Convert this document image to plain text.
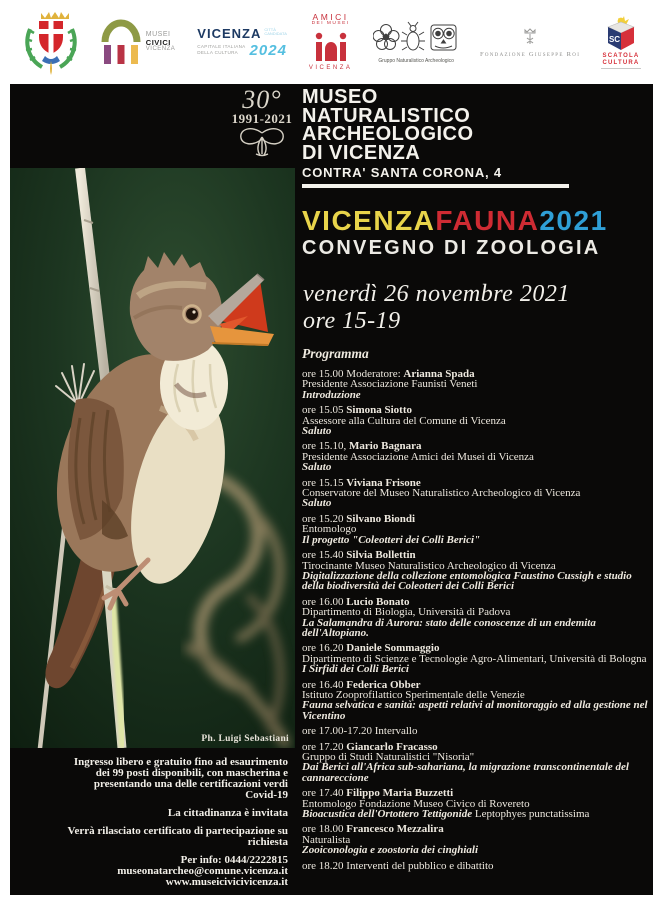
MUSEI
CIVICI
VICENZA
VICENZA CITTÀ
CANDIDATA
CAPITALE ITALIANA
DELLA CULTURA 2024
AMICI
DEI MUSEI
VICENZA
Gruppo Naturalistico Archeologico
Fondazione Giuseppe Roi
SC
SCATOLA
CULTURA
30°
1991-2021
MUSEO
NATURALISTICO
ARCHEOLOGICO
DI VICENZA
CONTRA' SANTA CORONA, 4
VICENZAFAUNA2021
CONVEGNO DI ZOOLOGIA
venerdì 26 novembre 2021
ore 15-19
Programma
ore 15.00 Moderatore: Arianna Spada
Presidente Associazione Faunisti Veneti
Introduzione
ore 15.05 Simona Siotto
Assessore alla Cultura del Comune di Vicenza
Saluto
ore 15.10, Mario Bagnara
Presidente Associazione Amici dei Musei di Vicenza
Saluto
ore 15.15 Viviana Frisone
Conservatore del Museo Naturalistico Archeologico di Vicenza
Saluto
ore 15.20 Silvano Biondi
Entomologo
Il progetto "Coleotteri dei Colli Berici"
ore 15.40 Silvia Bollettin
Tirocinante Museo Naturalistico Archeologico di Vicenza
Digitalizzazione della collezione entomologica Faustino Cussigh e studio della biodiversità dei Coleotteri dei Colli Berici
ore 16.00 Lucio Bonato
Dipartimento di Biologia, Università di Padova
La Salamandra di Aurora: stato delle conoscenze di un endemita dell'Altopiano.
ore 16.20 Daniele Sommaggio
Dipartimento di Scienze e Tecnologie Agro-Alimentari, Università di Bologna
I Sirfidi dei Colli Berici
ore 16.40 Federica Obber
Istituto Zooprofilattico Sperimentale delle Venezie
Fauna selvatica e sanità: aspetti relativi al monitoraggio ed alla gestione nel Vicentino
ore 17.00-17.20 Intervallo
ore 17.20 Giancarlo Fracasso
Gruppo di Studi Naturalistici "Nisoria"
Dai Berici all'Africa sub-sahariana, la migrazione transcontinentale del cannareccione
ore 17.40 Filippo Maria Buzzetti
Entomologo Fondazione Museo Civico di Rovereto
Bioacustica dell'Ortottero Tettigonide Leptophyes punctatissima
ore 18.00 Francesco Mezzalira
Naturalista
Zooiconologia e zoostoria dei cinghiali
ore 18.20 Interventi del pubblico e dibattito
Ph. Luigi Sebastiani

Ingresso libero e gratuito fino ad esaurimento
dei 99 posti disponibili, con mascherina e
presentando una delle certificazioni verdi
Covid-19

La cittadinanza è invitata

Verrà rilasciato certificato di partecipazione su
richiesta

Per info: 0444/2222815
museonatarcheo@comune.vicenza.it
www.museicivicivicenza.it
